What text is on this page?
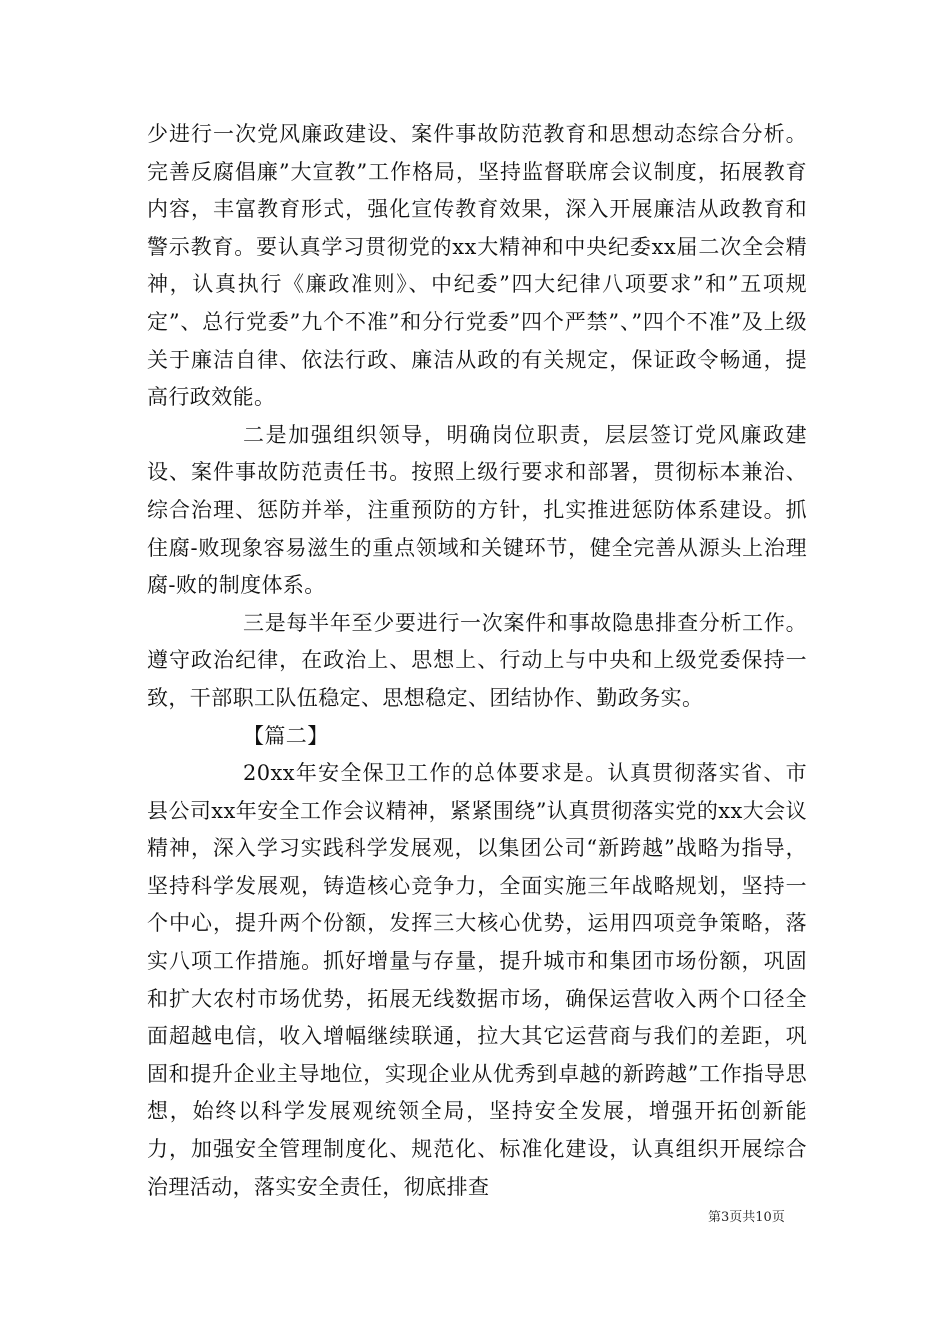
少进行一次党风廉政建设、案件事故防范教育和思想动态综合分析。完善反腐倡廉”大宣教”工作格局，坚持监督联席会议制度，拓展教育内容，丰富教育形式，强化宣传教育效果，深入开展廉洁从政教育和警示教育。要认真学习贯彻党的xx大精神和中央纪委xx届二次全会精神，认真执行《廉政准则》、中纪委”四大纪律八项要求”和”五项规定”、总行党委”九个不准”和分行党委”四个严禁”、”四个不准”及上级关于廉洁自律、依法行政、廉洁从政的有关规定，保证政令畅通，提高行政效能。

二是加强组织领导，明确岗位职责，层层签订党风廉政建设、案件事故防范责任书。按照上级行要求和部署，贯彻标本兼治、综合治理、惩防并举，注重预防的方针，扎实推进惩防体系建设。抓住腐-败现象容易滋生的重点领域和关键环节，健全完善从源头上治理腐-败的制度体系。

三是每半年至少要进行一次案件和事故隐患排查分析工作。遵守政治纪律，在政治上、思想上、行动上与中央和上级党委保持一致，干部职工队伍稳定、思想稳定、团结协作、勤政务实。

【篇二】

20xx年安全保卫工作的总体要求是。认真贯彻落实省、市县公司xx年安全工作会议精神，紧紧围绕”认真贯彻落实党的xx大会议精神，深入学习实践科学发展观，以集团公司“新跨越”战略为指导，坚持科学发展观，铸造核心竞争力，全面实施三年战略规划，坚持一个中心，提升两个份额，发挥三大核心优势，运用四项竞争策略，落实八项工作措施。抓好增量与存量，提升城市和集团市场份额，巩固和扩大农村市场优势，拓展无线数据市场，确保运营收入两个口径全面超越电信，收入增幅继续联通，拉大其它运营商与我们的差距，巩固和提升企业主导地位，实现企业从优秀到卓越的新跨越”工作指导思想，始终以科学发展观统领全局，坚持安全发展，增强开拓创新能力，加强安全管理制度化、规范化、标准化建设，认真组织开展综合治理活动，落实安全责任，彻底排查

第3页共10页
